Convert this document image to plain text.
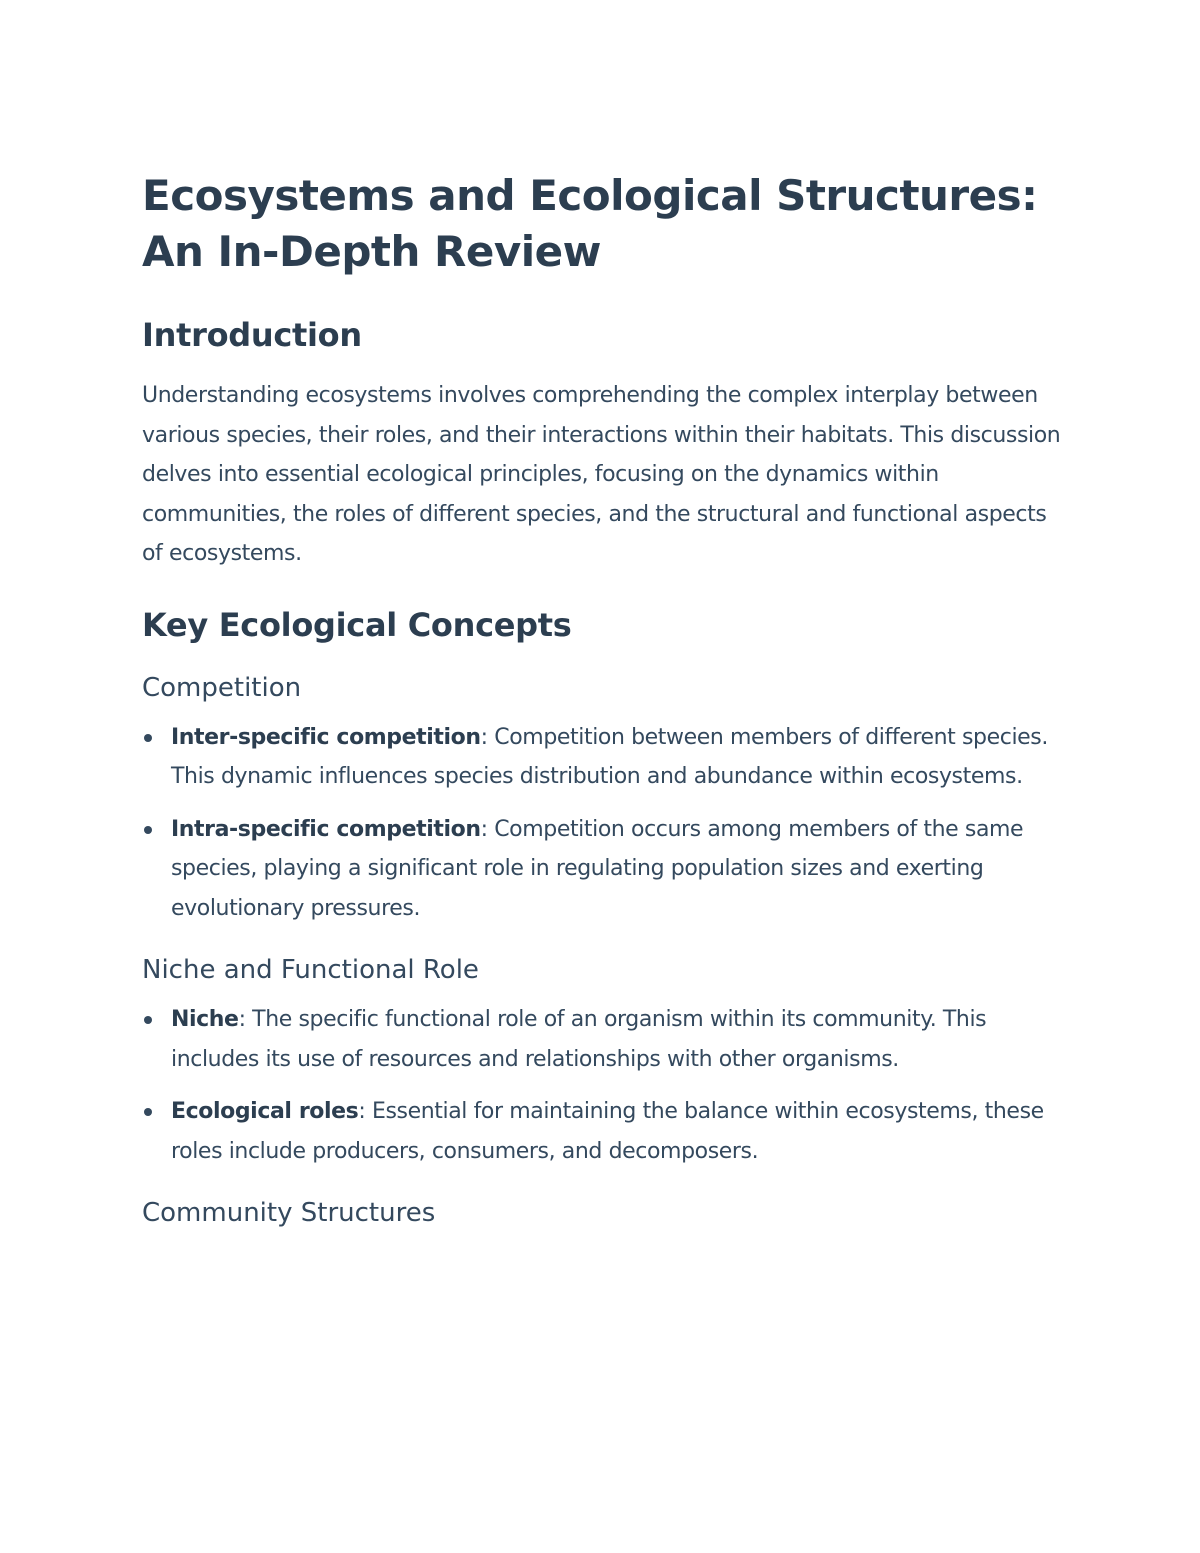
Ecosystems and Ecological Structures:
An In-Depth Review
Introduction

Understanding ecosystems involves comprehending the complex interplay between various species, their roles, and their interactions within their habitats. This discussion delves into essential ecological principles, focusing on the dynamics within communities, the roles of different species, and the structural and functional aspects of ecosystems.

Key Ecological Concepts
Competition
Inter-specific competition: Competition between members of different species. This dynamic influences species distribution and abundance within ecosystems.
Intra-specific competition: Competition occurs among members of the same species, playing a significant role in regulating population sizes and exerting evolutionary pressures.
Niche and Functional Role
Niche: The specific functional role of an organism within its community. This includes its use of resources and relationships with other organisms.
Ecological roles: Essential for maintaining the balance within ecosystems, these roles include producers, consumers, and decomposers.
Community Structures
